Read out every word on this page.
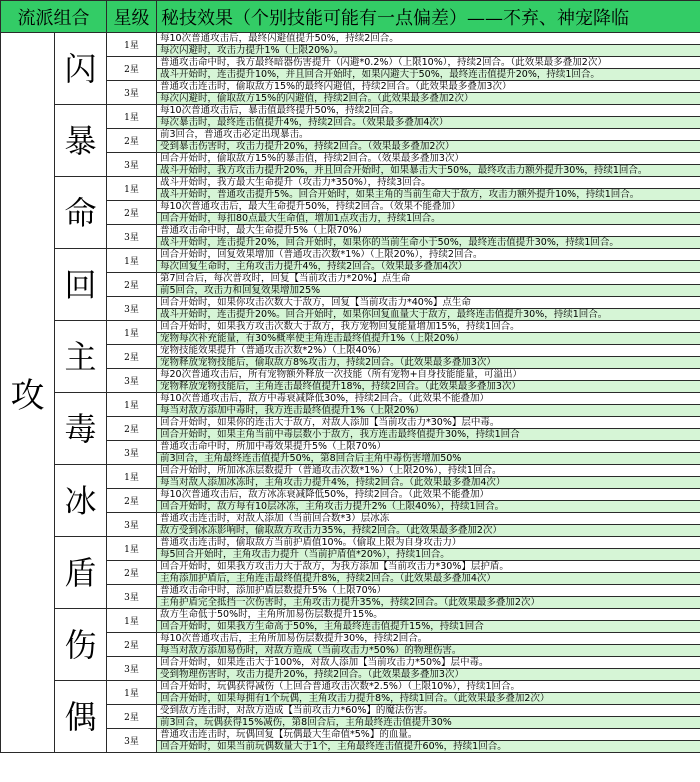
流派组合		星级	秘技效果（个别技能可能有一点偏差）——不弃、神宠降临
攻	闪	1星	每10次普通攻击后，最终闪避值提升50%，持续2回合。
			每次闪避时，攻击力提升1%（上限20%）。
		2星	普通攻击命中时，我方最终暗器伤害提升（闪避*0.2%）（上限10%），持续2回合。（此效果最多叠加2次）
			战斗开始时，连击提升10%，并且回合开始时，如果闪避大于50%，最终连击值提升20%，持续1回合。
		3星	普通攻击连击时，偷取敌方15%的最终闪避值，持续2回合。（此效果最多叠加3次）
			每次闪避时，偷取敌方15%的闪避值，持续2回合。（此效果最多叠加2次）
	暴	1星	每10次普通攻击后，暴击值最终提升50%，持续2回合。
			每次暴击时，最终连击值提升4%，持续2回合。（效果最多叠加4次）
		2星	前3回合，普通攻击必定出现暴击。
			受到暴击伤害时，攻击力提升20%，持续2回合。（效果最多叠加2次）
		3星	回合开始时，偷取敌方15%的暴击值，持续2回合。（效果最多叠加3次）
			战斗开始时，我方攻击力提升20%，并且回合开始时，如果暴击大于50%，最终攻击力额外提升30%，持续1回合。
	命	1星	战斗开始时，我方最大生命提升（攻击力*350%），持续3回合。
			战斗开始时，普通攻击提升5%。回合开始时，如果主角的当前生命大于敌方，攻击力额外提升10%，持续1回合。
		2星	每10次普通攻击后，最大生命提升50%，持续2回合。（效果不能叠加）
			回合开始时，每扣80点最大生命值，增加1点攻击力，持续1回合。
		3星	普通攻击命中时，最大生命提升5%（上限70%）
			战斗开始时，连击提升20%，回合开始时，如果你的当前生命小于50%，最终连击值提升30%，持续1回合。
	回	1星	回合开始时，回复效果增加（普通攻击次数*1%）（上限20%），持续2回合。
			每次回复生命时，主角攻击力提升4%，持续2回合。（效果最多叠加4次）
		2星	第7回合后，每次普攻时，回复【当前攻击力*20%】点生命
			前5回合，攻击力和回复效果增加25%
		3星	回合开始时，如果你攻击次数大于敌方，回复【当前攻击力*40%】点生命
			战斗开始时，连击提升20%。回合开始时，如果你回复血量大于敌方，最终连击值提升30%，持续1回合。
	主	1星	回合开始时，如果我方攻击次数大于敌方，我方宠物回复能量增加15%，持续1回合。
			宠物每次补充能量，有30%概率使主角连击最终值提升1%（上限20%）
		2星	宠物技能效果提升（普通攻击次数*2%）（上限40%）
			宠物释放宠物技能后，偷取敌方8%攻击力，持续2回合。（此效果最多叠加3次）
		3星	每20次普通攻击后，所有宠物额外释放一次技能（所有宠物+自身技能能量，可溢出）
			宠物释放宠物技能后，主角连击最终值提升18%，持续2回合。（此效果最多叠加3次）
	毒	1星	每10次普通攻击后，敌方中毒衰减降低30%，持续2回合。（此效果不能叠加）
			每当对敌方添加中毒时，我方连击最终值提升1%（上限20%）
		2星	回合开始时，如果你的连击大于敌方，对敌人添加【当前攻击力*30%】层中毒。
			回合开始时，如果主角当前中毒层数小于敌方，我方连击最终值提升30%，持续1回合
		3星	普通攻击命中时，所加中毒效果提升5%（上限70%）
			前3回合，主角最终连击值提升50%，第8回合后主角中毒伤害增加50%
	冰	1星	回合开始时，所加冰冻层数提升（普通攻击次数*1%）（上限20%），持续1回合。
			每当对敌人添加冰冻时，主角攻击力提升4%，持续2回合。（此效果最多叠加4次）
		2星	每10次普通攻击后，敌方冰冻衰减降低50%，持续2回合。（此效果不能叠加）
			回合开始时，敌方每有10层冰冻，主角攻击力提升2%（上限40%），持续1回合。
		3星	普通攻击连击时，对敌人添加（当前回合数*3）层冰冻
			敌方受到冰冻影响时，偷取敌方攻击力35%，持续2回合。（此效果最多叠加2次）
	盾	1星	普通攻击连击时，偷取敌方当前护盾值10%。（偷取上限为自身攻击力）
			每5回合开始时，主角攻击力提升（当前护盾值*20%），持续1回合。
		2星	回合开始时，如果我方攻击力大于敌方，为我方添加【当前攻击力*30%】层护盾。
			主角添加护盾后，主角连击最终值提升8%，持续2回合。（此效果最多叠加4次）
		3星	普通攻击命中时，添加护盾层数提升5%（上限70%）
			主角护盾完全抵挡一次伤害时，主角攻击力提升35%，持续2回合。（此效果最多叠加2次）
	伤	1星	敌方生命低于50%时，主角所加易伤层数提升15%。
			回合开始时，如果我方生命高于50%，主角最终连击值提升15%，持续1回合
		2星	每10次普通攻击后，主角所加易伤层数提升30%，持续2回合。
			每当对敌方添加易伤时，对敌方造成（当前攻击力*50%）的物理伤害。
		3星	回合开始时，如果连击大于100%，对敌人添加【当前攻击力*50%】层中毒。
			受到物理伤害时，攻击力提升20%，持续2回合。（此效果最多叠加3次）
	偶	1星	回合开始时，玩偶获得减伤（上回合普通攻击次数*2.5%）（上限10%），持续1回合。
			回合开始时，如果每拥有1个玩偶，主角攻击力提升8%，持续1回合。（此效果最多叠加2次）
		2星	受到敌方连击时，对敌方造成【当前攻击力*60%】的魔法伤害。
			前3回合，玩偶获得15%减伤，第8回合后，主角最终连击值提升30%
		3星	普通攻击连击时，玩偶回复【玩偶最大生命值*5%】的血量。
			回合开始时，如果当前玩偶数量大于1个，主角最终连击值提升60%，持续1回合。
